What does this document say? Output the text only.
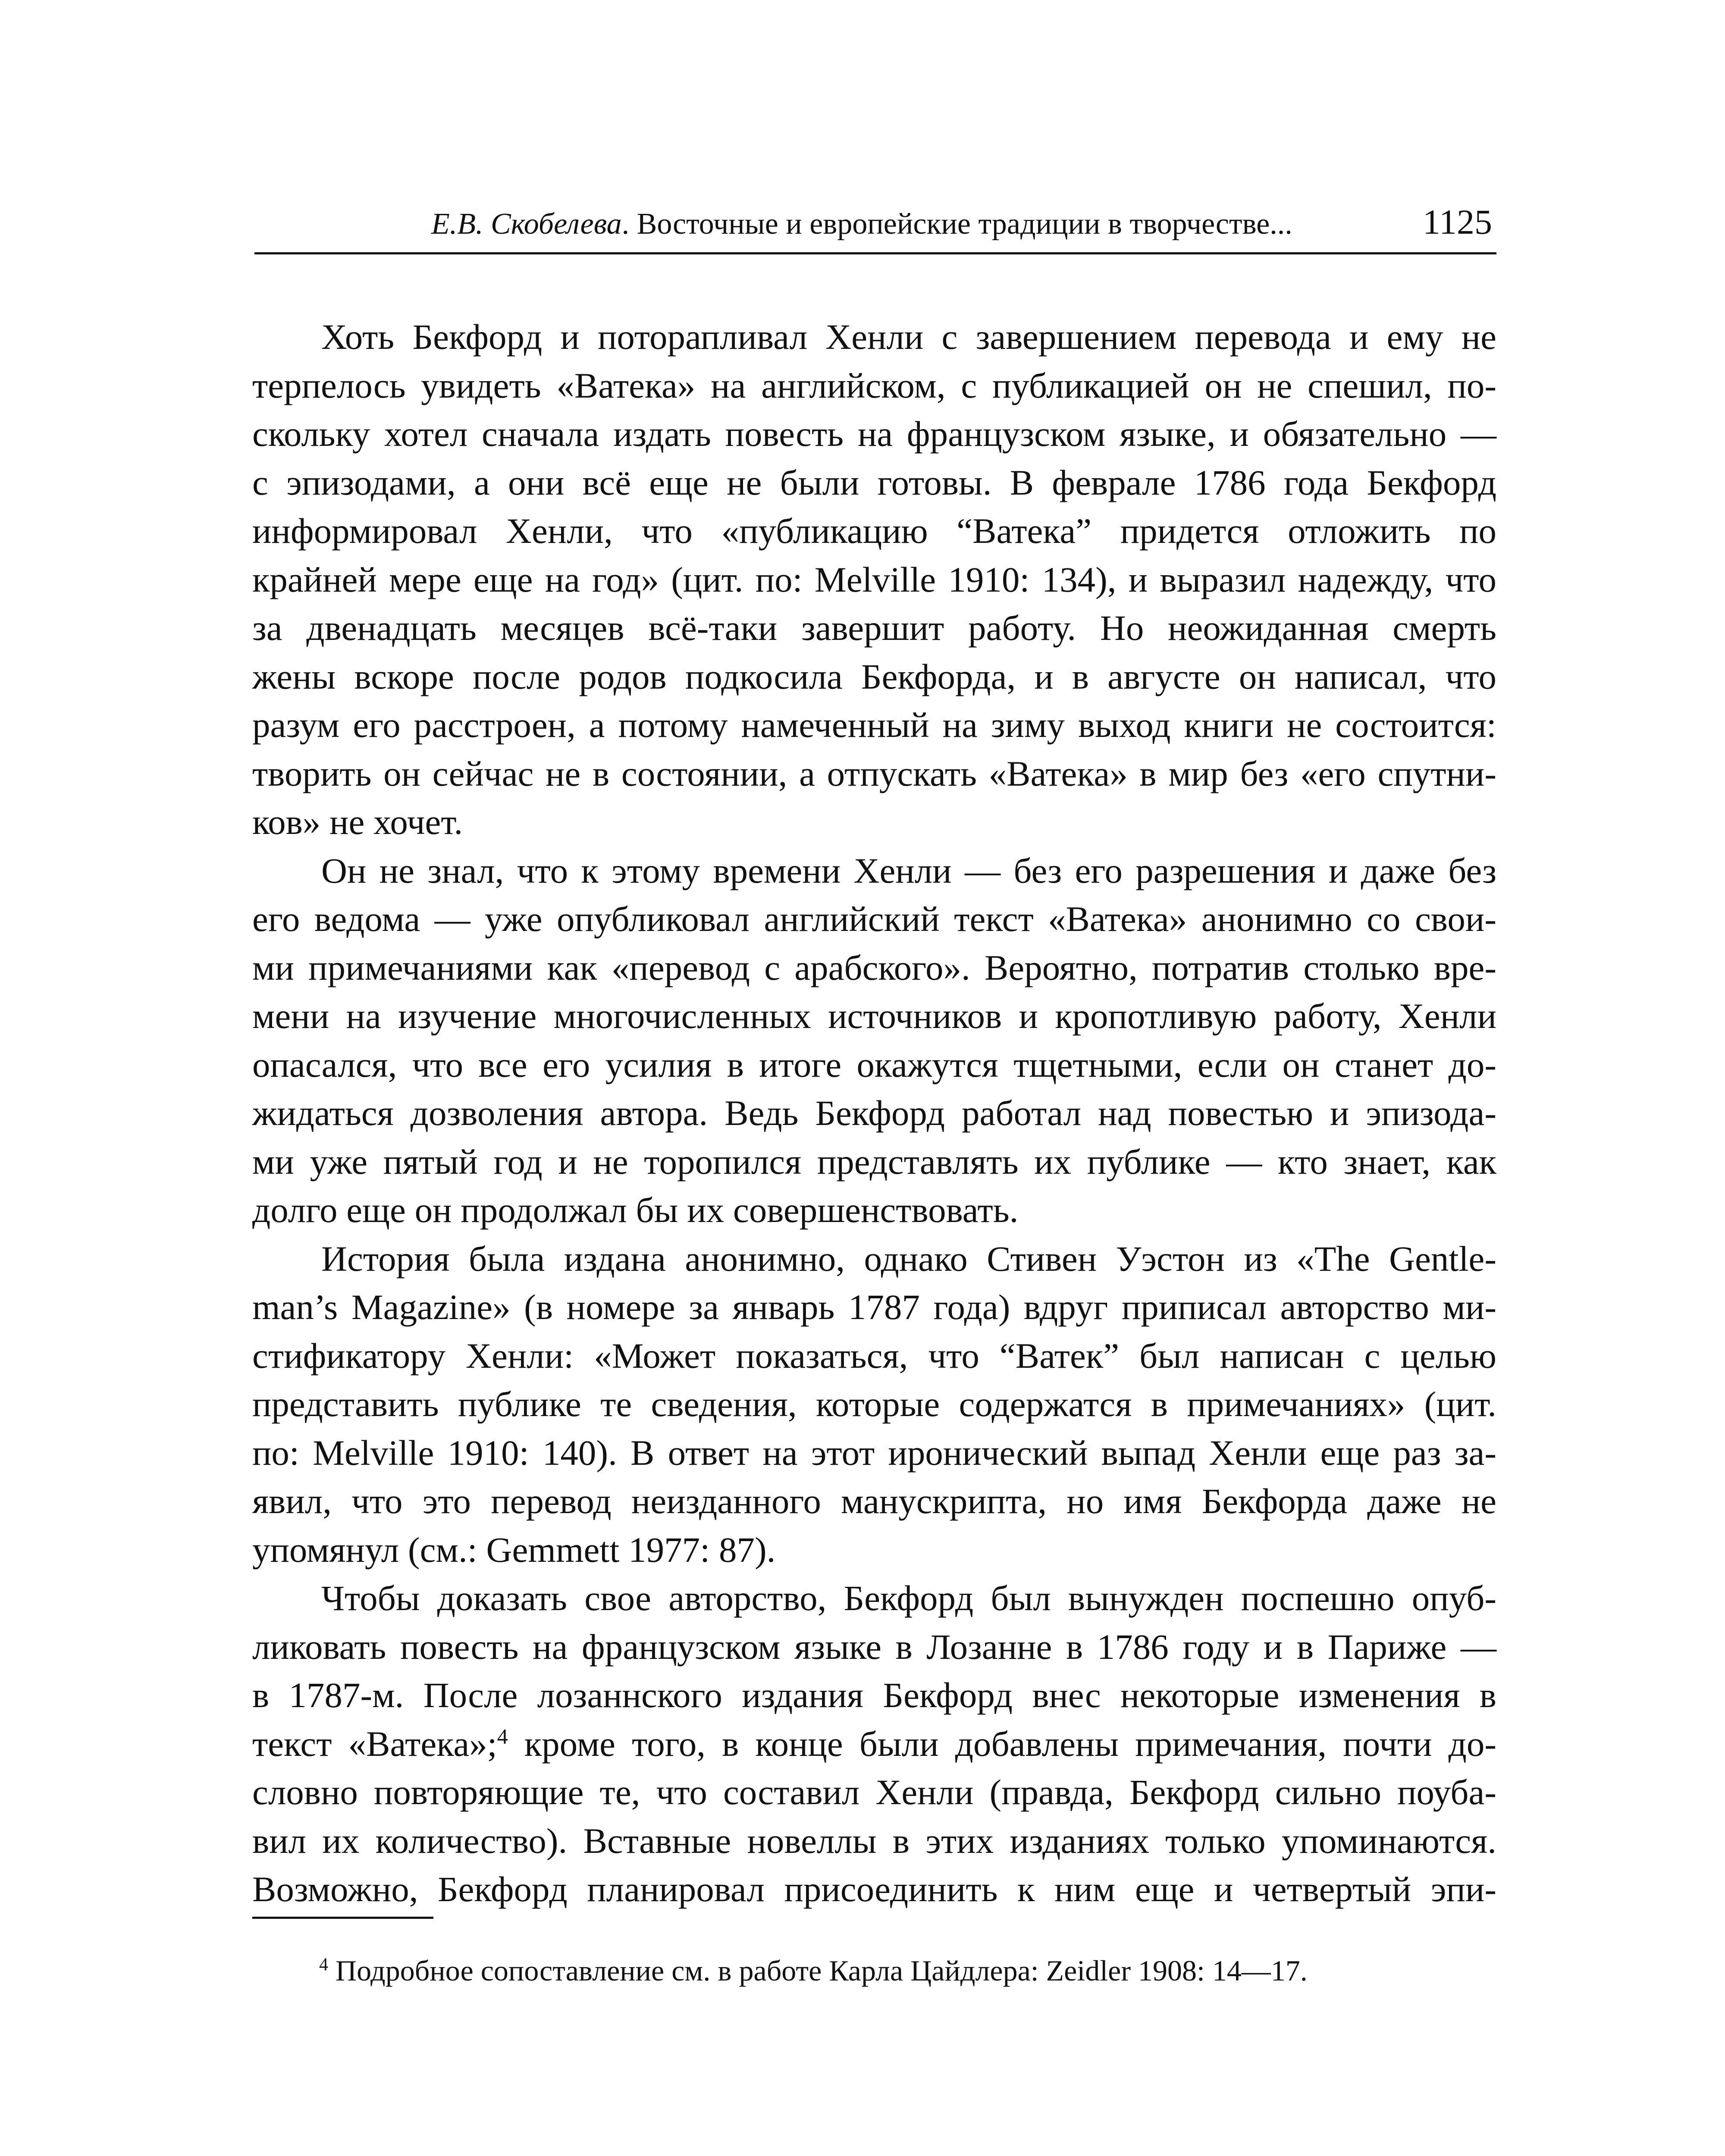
Е.В. Скобелева. Восточные и европейские традиции в творчестве...	1125

Хоть Бекфорд и поторапливал Хенли с завершением перевода и ему не
терпелось увидеть «Ватека» на английском, с публикацией он не спешил, по-
скольку хотел сначала издать повесть на французском языке, и обязательно —
с эпизодами, а они всё еще не были готовы. В феврале 1786 года Бекфорд
информировал Хенли, что «публикацию “Ватека” придется отложить по
крайней мере еще на год» (цит. по: Melville 1910: 134), и выразил надежду, что
за двенадцать месяцев всё-таки завершит работу. Но неожиданная смерть
жены вскоре после родов подкосила Бекфорда, и в августе он написал, что
разум его расстроен, а потому намеченный на зиму выход книги не состоится:
творить он сейчас не в состоянии, а отпускать «Ватека» в мир без «его спутни-
ков» не хочет.

Он не знал, что к этому времени Хенли — без его разрешения и даже без
его ведома — уже опубликовал английский текст «Ватека» анонимно со свои-
ми примечаниями как «перевод с арабского». Вероятно, потратив столько вре-
мени на изучение многочисленных источников и кропотливую работу, Хенли
опасался, что все его усилия в итоге окажутся тщетными, если он станет до-
жидаться дозволения автора. Ведь Бекфорд работал над повестью и эпизода-
ми уже пятый год и не торопился представлять их публике — кто знает, как
долго еще он продолжал бы их совершенствовать.

История была издана анонимно, однако Стивен Уэстон из «The Gentle-
man’s Magazine» (в номере за январь 1787 года) вдруг приписал авторство ми-
стификатору Хенли: «Может показаться, что “Ватек” был написан с целью
представить публике те сведения, которые содержатся в примечаниях» (цит.
по: Melville 1910: 140). В ответ на этот иронический выпад Хенли еще раз за-
явил, что это перевод неизданного манускрипта, но имя Бекфорда даже не
упомянул (см.: Gemmett 1977: 87).

Чтобы доказать свое авторство, Бекфорд был вынужден поспешно опуб-
ликовать повесть на французском языке в Лозанне в 1786 году и в Париже —
в 1787-м. После лозаннского издания Бекфорд внес некоторые изменения в
текст «Ватека»;$^4$ кроме того, в конце были добавлены примечания, почти до-
словно повторяющие те, что составил Хенли (правда, Бекфорд сильно поуба-
вил их количество). Вставные новеллы в этих изданиях только упоминаются.
Возможно, Бекфорд планировал присоединить к ним еще и четвертый эпи-

$^4$ Подробное сопоставление см. в работе Карла Цайдлера: Zeidler 1908: 14—17.
